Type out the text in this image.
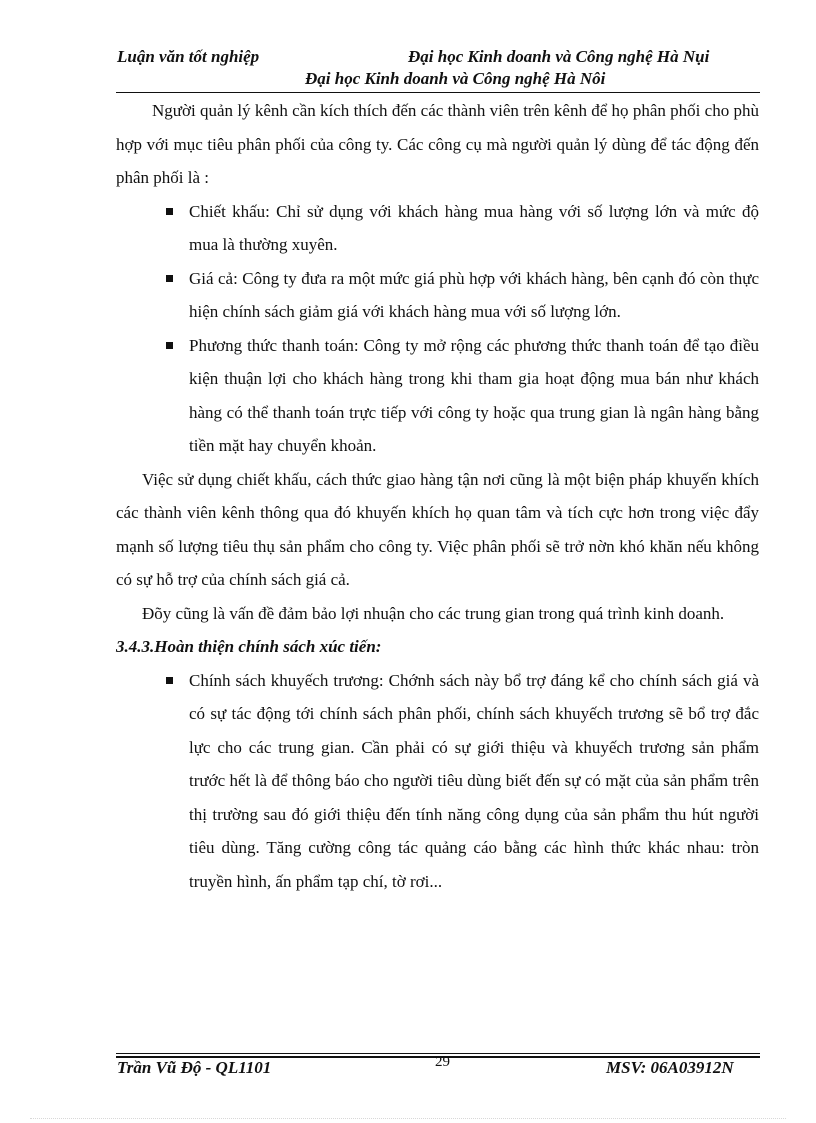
Luận văn tốt nghiệp	Đại học Kinh doanh và Công nghệ Hà Nụi
Đại học Kinh doanh và Công nghệ Hà Nôi

Người quản lý kênh cần kích thích đến các thành viên trên kênh để họ phân phối cho phù hợp với mục tiêu phân phối của công ty. Các công cụ mà người quản lý dùng để tác động đến phân phối là :

Chiết khấu: Chỉ sử dụng với khách hàng mua hàng với số lượng lớn và mức độ mua là thường xuyên.
Giá cả: Công ty đưa ra một mức giá phù hợp với khách hàng, bên cạnh đó còn thực hiện chính sách giảm giá với khách hàng mua với số lượng lớn.
Phương thức thanh toán: Công ty mở rộng các phương thức thanh toán để tạo điều kiện thuận lợi cho khách hàng trong khi tham gia hoạt động mua bán như khách hàng có thể thanh toán trực tiếp với công ty hoặc qua trung gian là ngân hàng bằng tiền mặt hay chuyển khoản.

Việc sử dụng chiết khấu, cách thức giao hàng tận nơi cũng là một biện pháp khuyến khích các thành viên kênh thông qua đó khuyến khích họ quan tâm và tích cực hơn trong việc đẩy mạnh số lượng tiêu thụ sản phẩm cho công ty. Việc phân phối sẽ trở nờn khó khăn nếu không có sự hỗ trợ của chính sách giá cả.

Đõy cũng là vấn đề đảm bảo lợi nhuận cho các trung gian trong quá trình kinh doanh.

3.4.3.Hoàn thiện chính sách xúc tiến:

Chính sách khuyếch trương: Chớnh sách này bổ trợ đáng kể cho chính sách giá và có sự tác động tới chính sách phân phối, chính sách khuyếch trương sẽ bổ trợ đắc lực cho các trung gian. Cần phải có sự giới thiệu và khuyếch trương sản phẩm trước hết là để thông báo cho người tiêu dùng biết đến sự có mặt của sản phẩm trên thị trường sau đó giới thiệu đến tính năng công dụng của sản phẩm thu hút người tiêu dùng. Tăng cường công tác quảng cáo bằng các hình thức khác nhau: tròn truyền hình, ấn phẩm tạp chí, tờ rơi...
Trần Vũ Độ - QL1101	29	MSV: 06A03912N
